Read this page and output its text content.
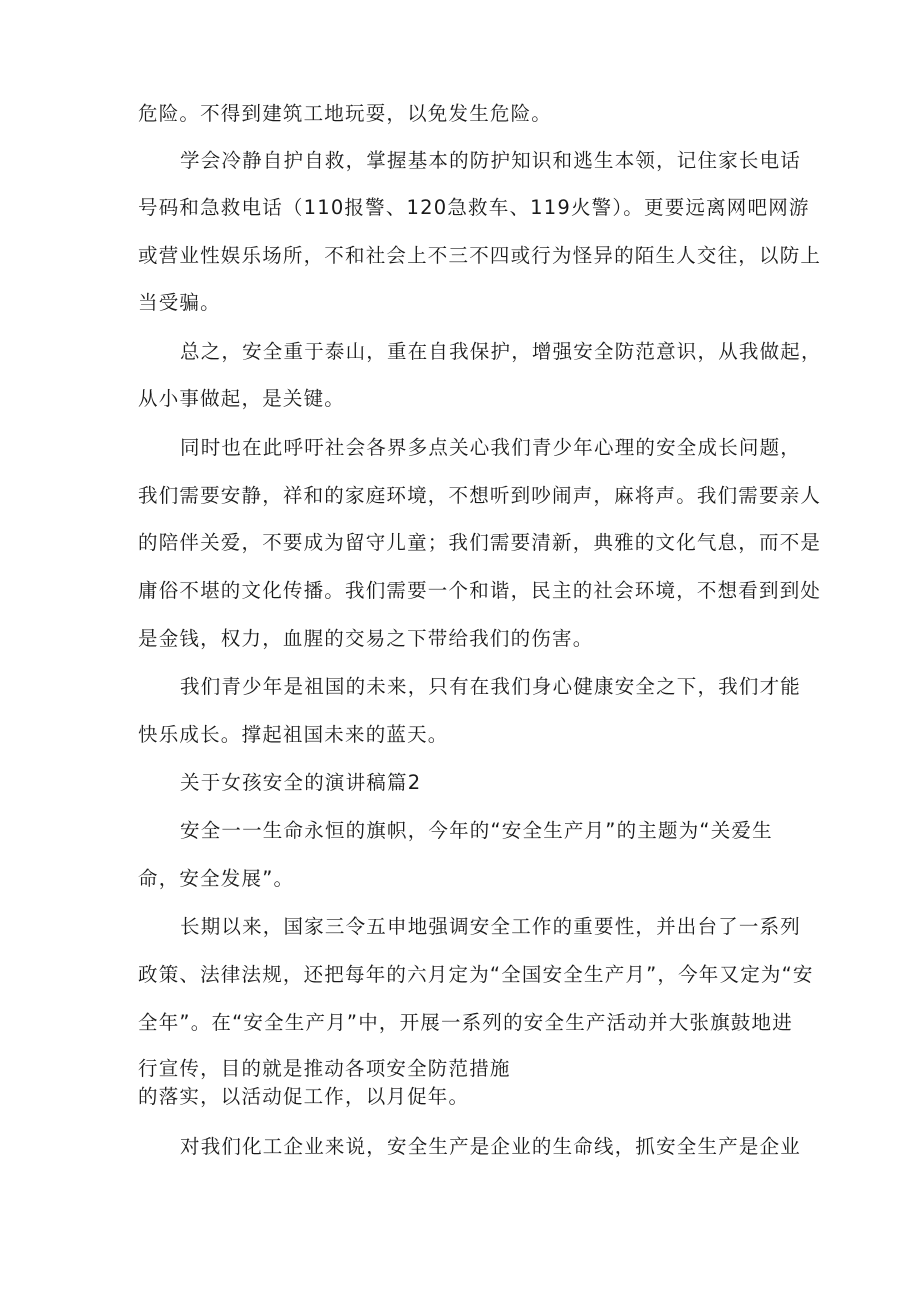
危险。不得到建筑工地玩耍，以免发生危险。
学会冷静自护自救，掌握基本的防护知识和逃生本领，记住家长电话
号码和急救电话（110报警、120急救车、119火警）。更要远离网吧网游
或营业性娱乐场所，不和社会上不三不四或行为怪异的陌生人交往，以防上
当受骗。
总之，安全重于泰山，重在自我保护，增强安全防范意识，从我做起，
从小事做起，是关键。
同时也在此呼吁社会各界多点关心我们青少年心理的安全成长问题，
我们需要安静，祥和的家庭环境，不想听到吵闹声，麻将声。我们需要亲人
的陪伴关爱，不要成为留守儿童；我们需要清新，典雅的文化气息，而不是
庸俗不堪的文化传播。我们需要一个和谐，民主的社会环境，不想看到到处
是金钱，权力，血腥的交易之下带给我们的伤害。
我们青少年是祖国的未来，只有在我们身心健康安全之下，我们才能
快乐成长。撑起祖国未来的蓝天。
关于女孩安全的演讲稿篇2
安全一一生命永恒的旗帜，今年的“安全生产月”的主题为“关爱生
命，安全发展”。
长期以来，国家三令五申地强调安全工作的重要性，并出台了一系列
政策、法律法规，还把每年的六月定为“全国安全生产月”，今年又定为“安
全年”。在“安全生产月”中，开展一系列的安全生产活动并大张旗鼓地进
行宣传，目的就是推动各项安全防范措施
的落实，以活动促工作，以月促年。
对我们化工企业来说，安全生产是企业的生命线，抓安全生产是企业
